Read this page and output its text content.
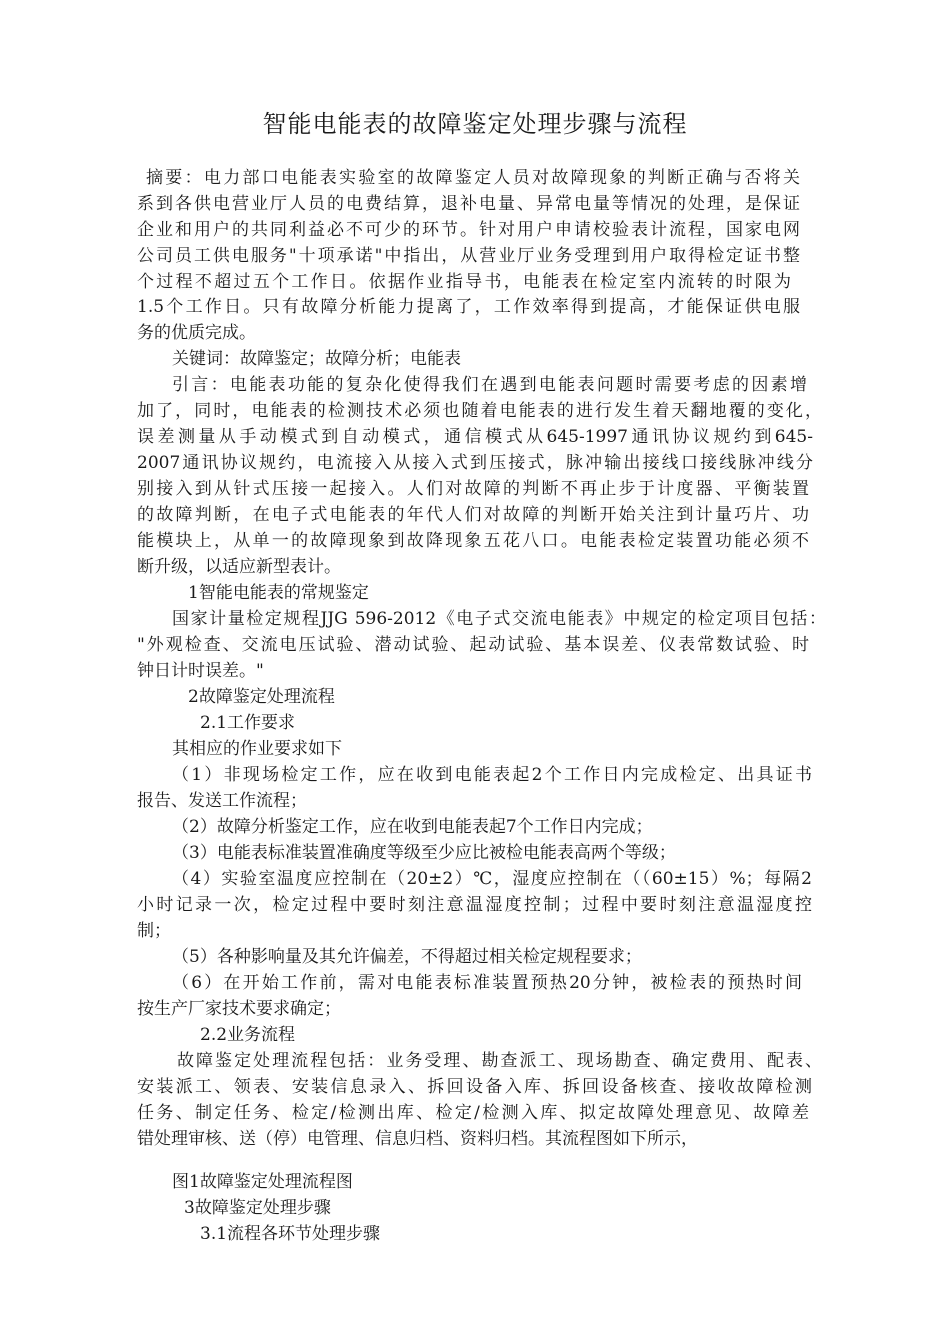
智能电能表的故障鉴定处理步骤与流程
摘要：电力部口电能表实验室的故障鉴定人员对故障现象的判断正确与否将关
系到各供电营业厅人员的电费结算，退补电量、异常电量等情况的处理，是保证
企业和用户的共同利益必不可少的环节。针对用户申请校验表计流程，国家电网
公司员工供电服务"十项承诺"中指出，从营业厅业务受理到用户取得检定证书整
个过程不超过五个工作日。依据作业指导书，电能表在检定室内流转的时限为
1.5个工作日。只有故障分析能力提离了，工作效率得到提高，才能保证供电服
务的优质完成。
关键词：故障鉴定；故障分析；电能表
引言：电能表功能的复杂化使得我们在遇到电能表问题时需要考虑的因素增
加了，同时，电能表的检测技术必须也随着电能表的进行发生着天翻地覆的变化，
误差测量从手动模式到自动模式，通信模式从645-1997通讯协议规约到645-
2007通讯协议规约，电流接入从接入式到压接式，脉冲输出接线口接线脉冲线分
别接入到从针式压接一起接入。人们对故障的判断不再止步于计度器、平衡装置
的故障判断，在电子式电能表的年代人们对故障的判断开始关注到计量巧片、功
能模块上，从单一的故障现象到故降现象五花八口。电能表检定装置功能必须不
断升级，以适应新型表计。
1智能电能表的常规鉴定
国家计量检定规程JJG 596-2012《电子式交流电能表》中规定的检定项目包括：
"外观检查、交流电压试验、潜动试验、起动试验、基本误差、仪表常数试验、时
钟日计时误差。"
2故障鉴定处理流程
2.1工作要求
其相应的作业要求如下
（1）非现场检定工作，应在收到电能表起2个工作日内完成检定、出具证书
报告、发送工作流程；
（2）故障分析鉴定工作，应在收到电能表起7个工作日内完成；
（3）电能表标准装置准确度等级至少应比被检电能表高两个等级；
（4）实验室温度应控制在（20±2）℃，湿度应控制在（（60±15）%；每隔2
小时记录一次，检定过程中要时刻注意温湿度控制；过程中要时刻注意温湿度控
制；
（5）各种影响量及其允许偏差，不得超过相关检定规程要求；
（6）在开始工作前，需对电能表标准装置预热20分钟，被检表的预热时间
按生产厂家技术要求确定；
2.2业务流程
故障鉴定处理流程包括：业务受理、勘查派工、现场勘查、确定费用、配表、
安装派工、领表、安装信息录入、拆回设备入库、拆回设备核查、接收故障检测
任务、制定任务、检定/检测出库、检定/检测入库、拟定故障处理意见、故障差
错处理审核、送（停）电管理、信息归档、资料归档。其流程图如下所示，
图1故障鉴定处理流程图
3故障鉴定处理步骤
3.1流程各环节处理步骤
